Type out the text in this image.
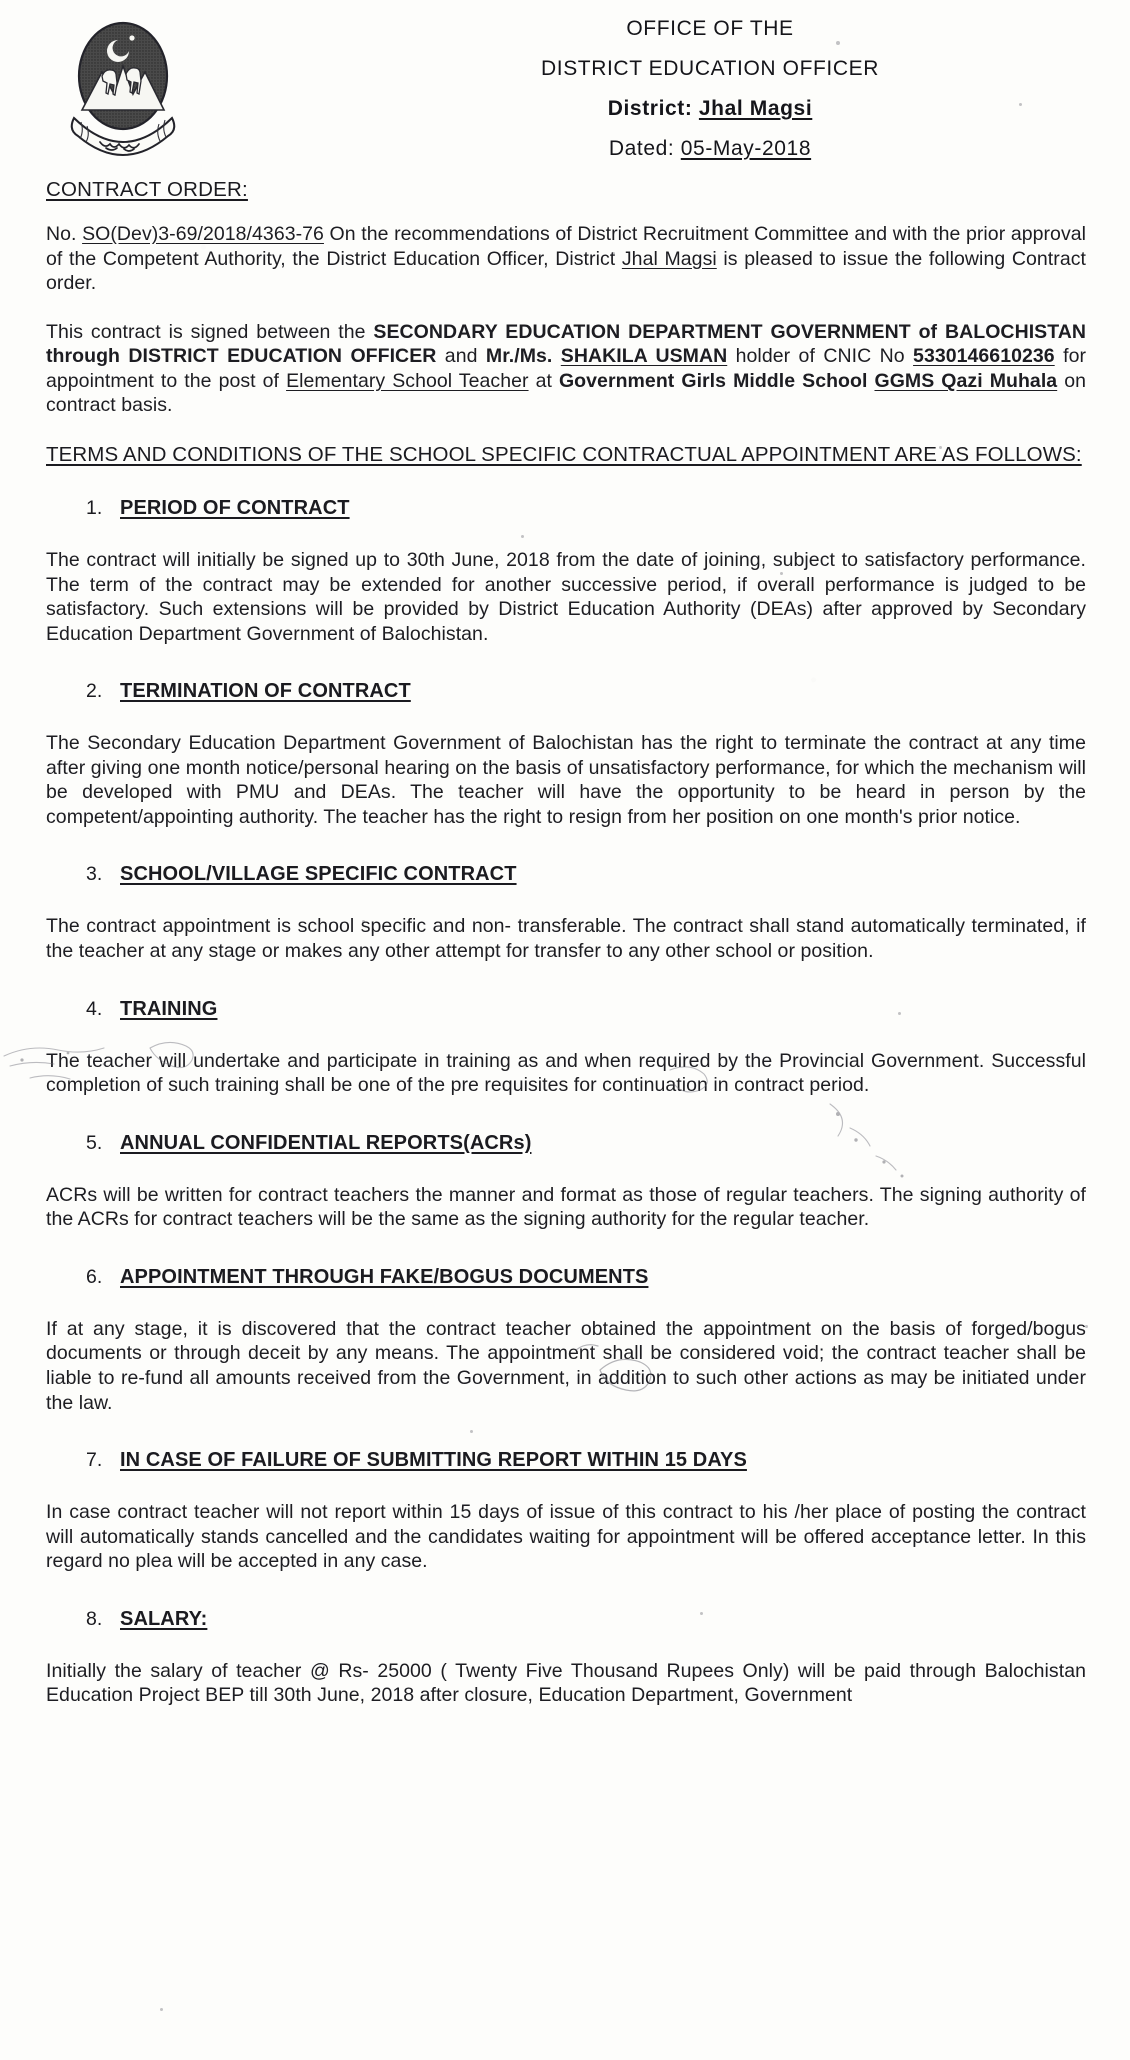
OFFICE OF THE
DISTRICT EDUCATION OFFICER
District: Jhal Magsi
Dated: 05-May-2018
CONTRACT ORDER:

No. SO(Dev)3-69/2018/4363-76 On the recommendations of District Recruitment Committee and with the prior approval of the Competent Authority, the District Education Officer, District Jhal Magsi is pleased to issue the following Contract order.

This contract is signed between the SECONDARY EDUCATION DEPARTMENT GOVERNMENT of BALOCHISTAN through DISTRICT EDUCATION OFFICER and Mr./Ms. SHAKILA USMAN holder of CNIC No 5330146610236 for appointment to the post of Elementary School Teacher at Government Girls Middle School GGMS Qazi Muhala on contract basis.

TERMS AND CONDITIONS OF THE SCHOOL SPECIFIC CONTRACTUAL APPOINTMENT ARE AS FOLLOWS:
1. PERIOD OF CONTRACT

The contract will initially be signed up to 30th June, 2018 from the date of joining, subject to satisfactory performance. The term of the contract may be extended for another successive period, if overall performance is judged to be satisfactory. Such extensions will be provided by District Education Authority (DEAs) after approved by Secondary Education Department Government of Balochistan.

2. TERMINATION OF CONTRACT

The Secondary Education Department Government of Balochistan has the right to terminate the contract at any time after giving one month notice/personal hearing on the basis of unsatisfactory performance, for which the mechanism will be developed with PMU and DEAs. The teacher will have the opportunity to be heard in person by the competent/appointing authority. The teacher has the right to resign from her position on one month's prior notice.

3. SCHOOL/VILLAGE SPECIFIC CONTRACT

The contract appointment is school specific and non- transferable. The contract shall stand automatically terminated, if the teacher at any stage or makes any other attempt for transfer to any other school or position.

4. TRAINING

The teacher will undertake and participate in training as and when required by the Provincial Government. Successful completion of such training shall be one of the pre requisites for continuation in contract period.

5. ANNUAL CONFIDENTIAL REPORTS(ACRs)

ACRs will be written for contract teachers the manner and format as those of regular teachers. The signing authority of the ACRs for contract teachers will be the same as the signing authority for the regular teacher.

6. APPOINTMENT THROUGH FAKE/BOGUS DOCUMENTS

If at any stage, it is discovered that the contract teacher obtained the appointment on the basis of forged/bogus documents or through deceit by any means. The appointment shall be considered void; the contract teacher shall be liable to re-fund all amounts received from the Government, in addition to such other actions as may be initiated under the law.

7. IN CASE OF FAILURE OF SUBMITTING REPORT WITHIN 15 DAYS

In case contract teacher will not report within 15 days of issue of this contract to his /her place of posting the contract will automatically stands cancelled and the candidates waiting for appointment will be offered acceptance letter. In this regard no plea will be accepted in any case.

8. SALARY:

Initially the salary of teacher @ Rs- 25000 ( Twenty Five Thousand Rupees Only) will be paid through Balochistan Education Project BEP till 30th June, 2018 after closure, Education Department, Government
